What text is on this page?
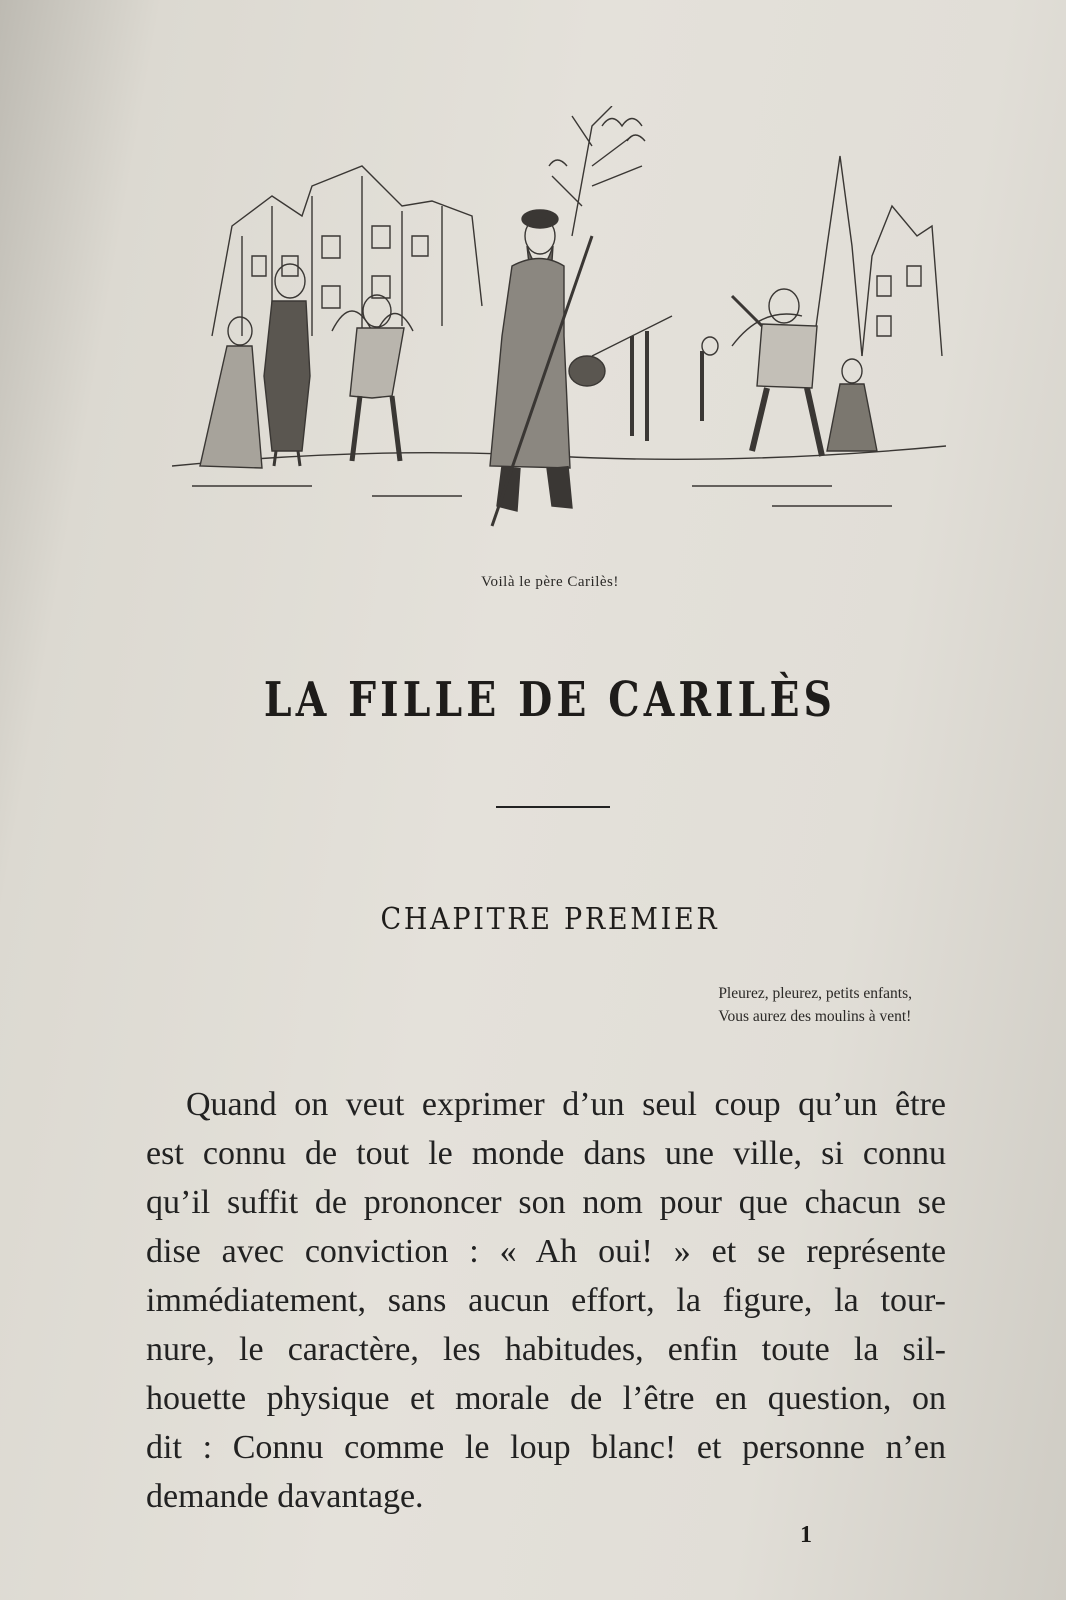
Voilà le père Carilès!
LA FILLE DE CARILÈS
CHAPITRE PREMIER
Pleurez, pleurez, petits enfants,
Vous aurez des moulins à vent!
Quand on veut exprimer d’un seul coup qu’un être
est connu de tout le monde dans une ville, si connu
qu’il suffit de prononcer son nom pour que chacun se
dise avec conviction : « Ah oui! » et se représente
immédiatement, sans aucun effort, la figure, la tour-
nure, le caractère, les habitudes, enfin toute la sil-
houette physique et morale de l’être en question, on
dit : Connu comme le loup blanc! et personne n’en
demande davantage.
1
